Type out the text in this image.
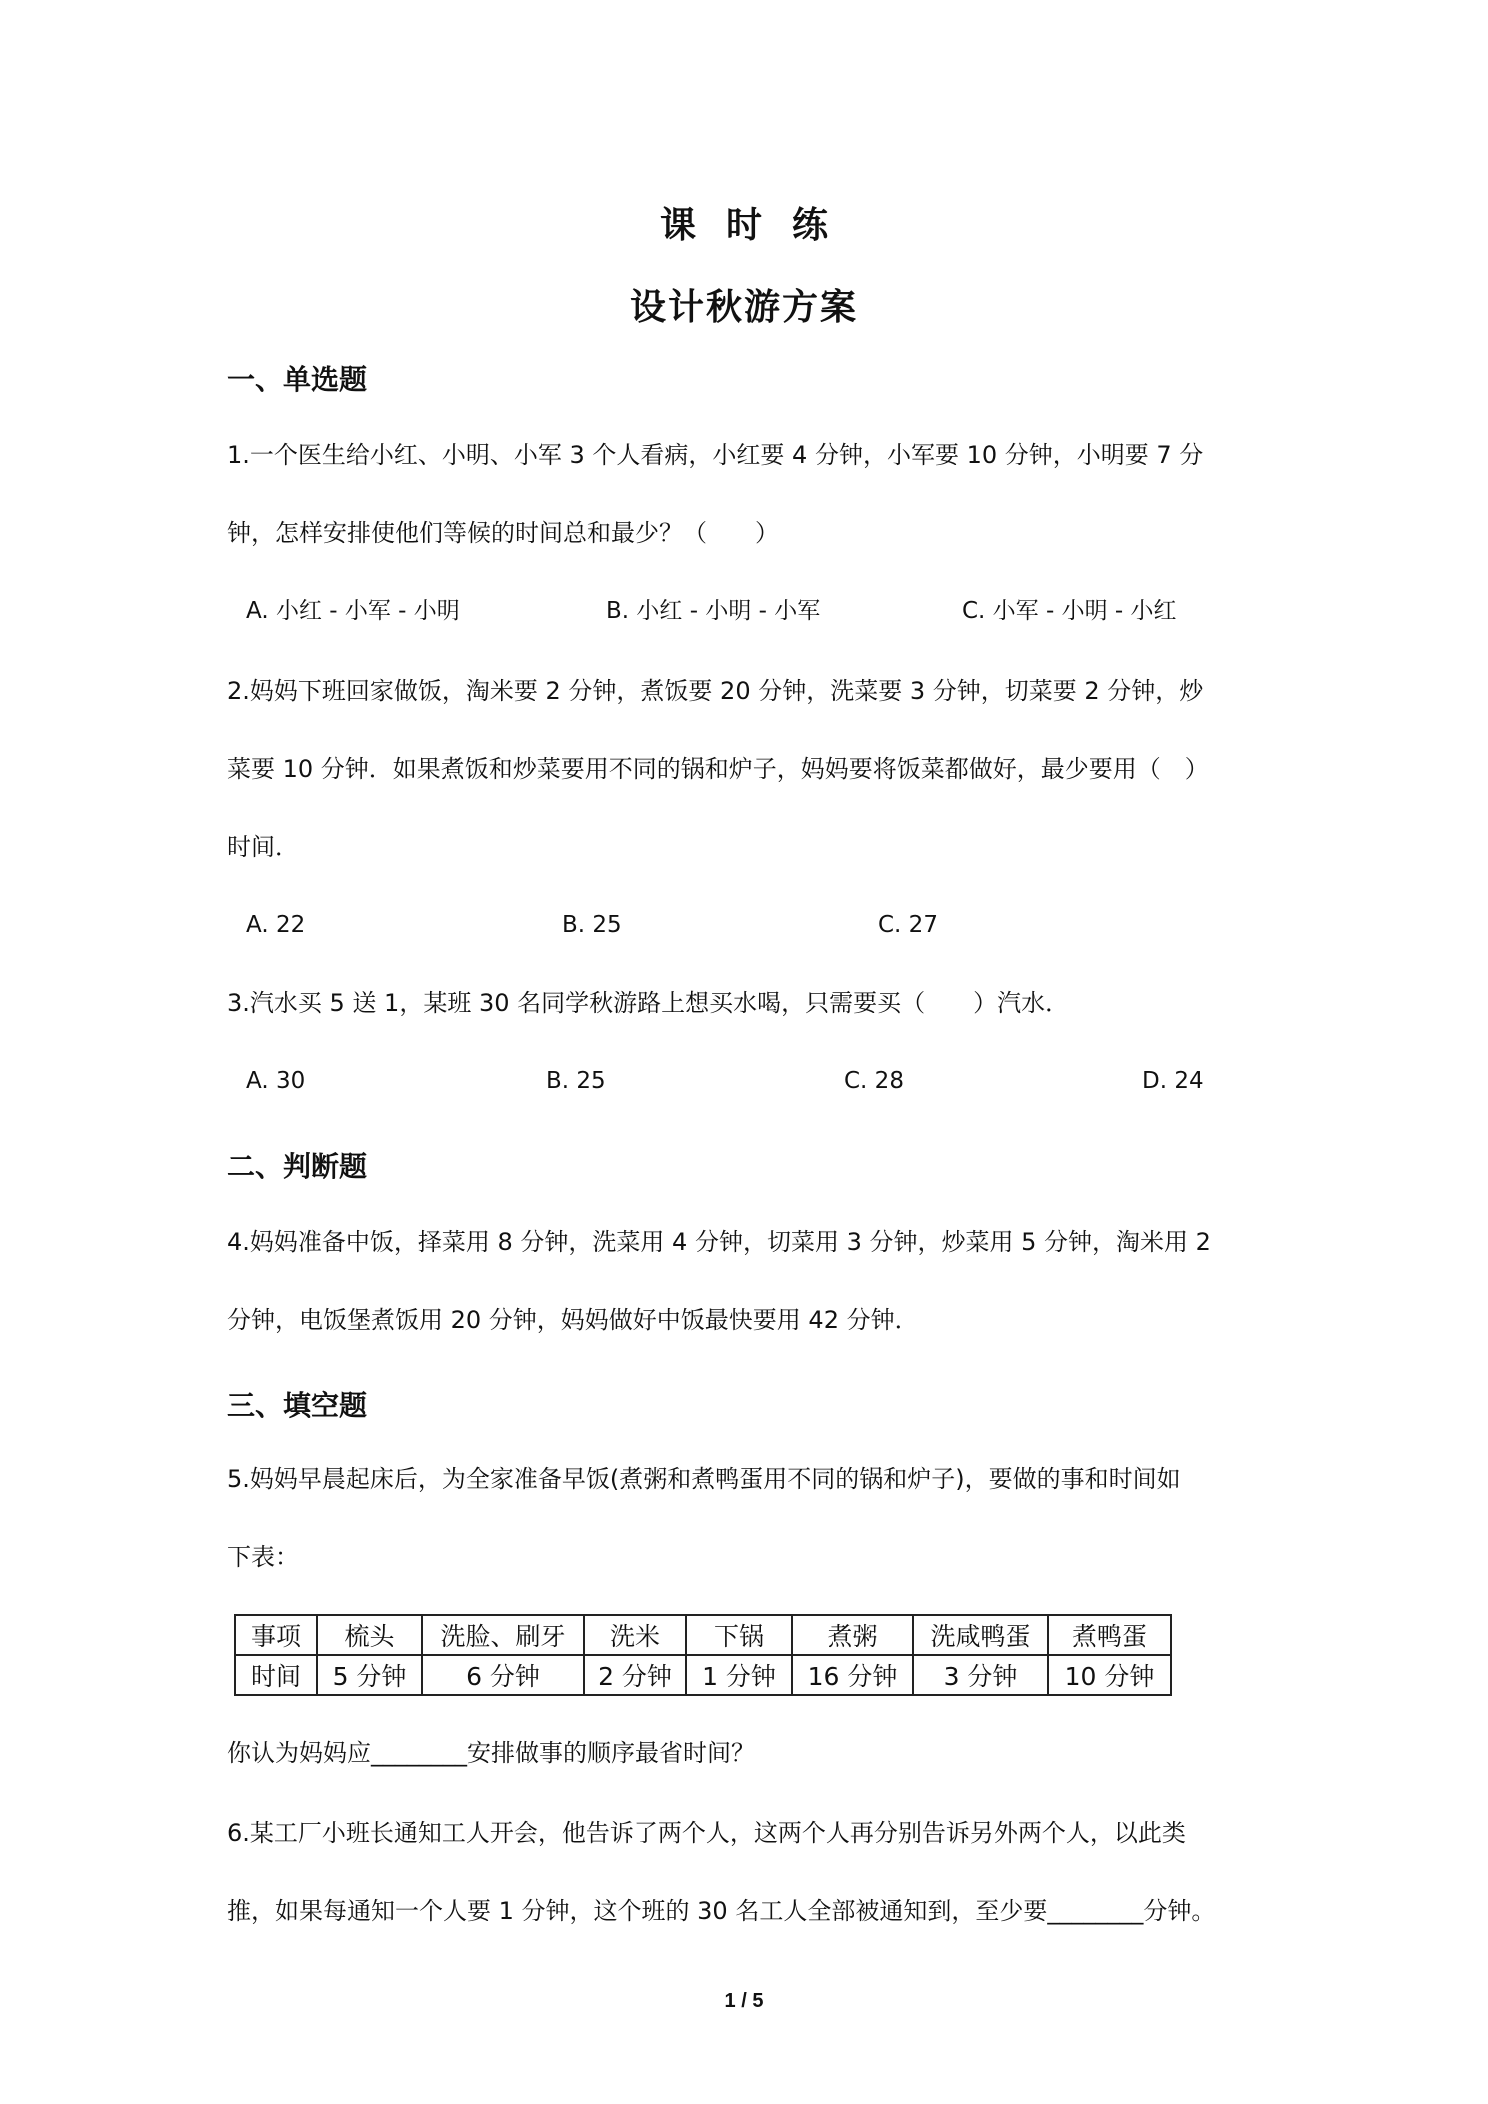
课时练
设计秋游方案
一、单选题
1.一个医生给小红、小明、小军 3 个人看病，小红要 4 分钟，小军要 10 分钟，小明要 7 分
钟，怎样安排使他们等候的时间总和最少？（　　）
A. 小红 - 小军 - 小明	B. 小红 - 小明 - 小军	C. 小军 - 小明 - 小红
2.妈妈下班回家做饭，淘米要 2 分钟，煮饭要 20 分钟，洗菜要 3 分钟，切菜要 2 分钟，炒
菜要 10 分钟．如果煮饭和炒菜要用不同的锅和炉子，妈妈要将饭菜都做好，最少要用（　）
时间．
A. 22	B. 25	C. 27
3.汽水买 5 送 1，某班 30 名同学秋游路上想买水喝，只需要买（　　）汽水．
A. 30	B. 25	C. 28	D. 24
二、判断题
4.妈妈准备中饭，择菜用 8 分钟，洗菜用 4 分钟，切菜用 3 分钟，炒菜用 5 分钟，淘米用 2
分钟，电饭堡煮饭用 20 分钟，妈妈做好中饭最快要用 42 分钟．
三、填空题
5.妈妈早晨起床后，为全家准备早饭(煮粥和煮鸭蛋用不同的锅和炉子)，要做的事和时间如
下表：
事项	梳头	洗脸、刷牙	洗米	下锅	煮粥	洗咸鸭蛋	煮鸭蛋
时间	5 分钟	6 分钟	2 分钟	1 分钟	16 分钟	3 分钟	10 分钟
你认为妈妈应________安排做事的顺序最省时间？
6.某工厂小班长通知工人开会，他告诉了两个人，这两个人再分别告诉另外两个人，以此类
推，如果每通知一个人要 1 分钟，这个班的 30 名工人全部被通知到，至少要________分钟。
1 / 5
